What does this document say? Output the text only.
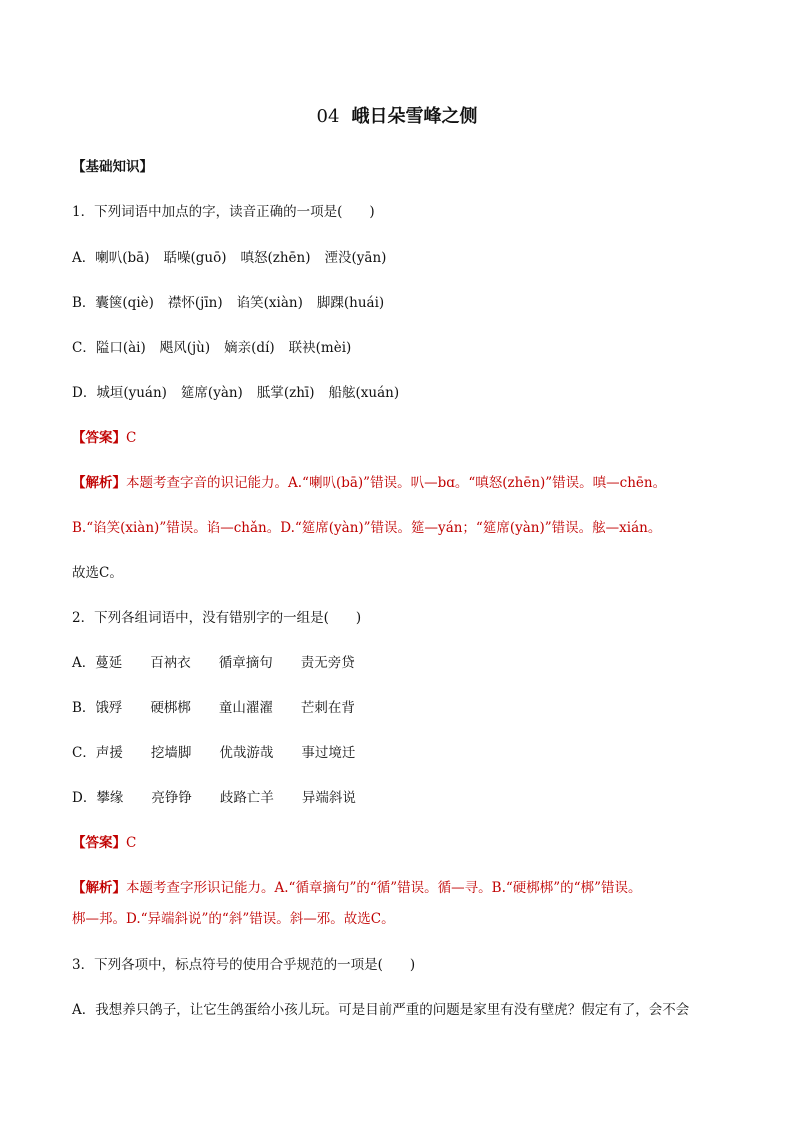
04 峨日朵雪峰之侧
【基础知识】
1．下列词语中加点的字，读音正确的一项是(　　)
A．喇叭(bā) 聒噪(guō) 嗔怒(zhēn) 湮没(yān)
B．囊箧(qiè) 襟怀(jīn) 谄笑(xiàn) 脚踝(huái)
C．隘口(ài) 飓风(jù) 嫡亲(dí) 联袂(mèi)
D．城垣(yuán) 筵席(yàn) 胝掌(zhī) 船舷(xuán)
【答案】C
【解析】本题考查字音的识记能力。A.“喇叭(bā)”错误。叭—bɑ。“嗔怒(zhēn)”错误。嗔—chēn。
B.“谄笑(xiàn)”错误。谄—chǎn。D.“筵席(yàn)”错误。筵—yán；“筵席(yàn)”错误。舷—xián。
故选C。
2．下列各组词语中，没有错别字的一组是(　　)
A．蔓延 百衲衣 循章摘句 责无旁贷
B．饿殍 硬梆梆 童山濯濯 芒刺在背
C．声援 挖墙脚 优哉游哉 事过境迁
D．攀缘 亮铮铮 歧路亡羊 异端斜说
【答案】C
【解析】本题考查字形识记能力。A.“循章摘句”的“循”错误。循—寻。B.“硬梆梆”的“梆”错误。
梆—邦。D.“异端斜说”的“斜”错误。斜—邪。故选C。
3．下列各项中，标点符号的使用合乎规范的一项是(　　)
A．我想养只鸽子，让它生鸽蛋给小孩儿玩。可是目前严重的问题是家里有没有壁虎？假定有了，会不会
